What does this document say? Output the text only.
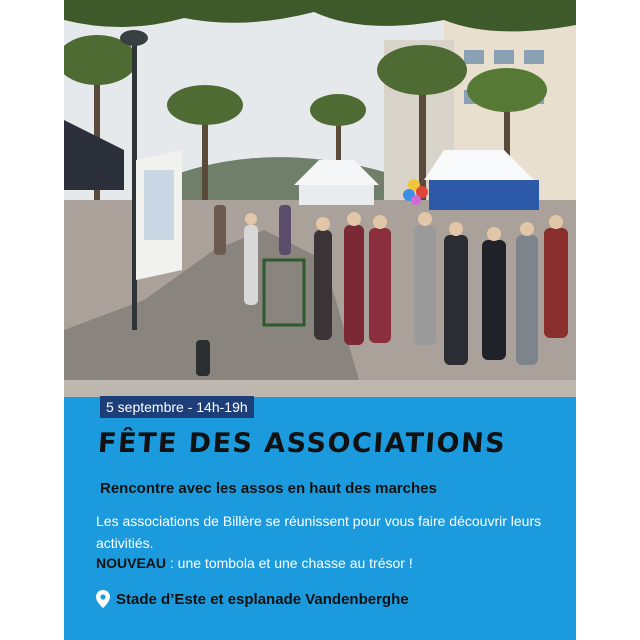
5 septembre - 14h-19h
FÊTE DES ASSOCIATIONS
Rencontre avec les assos en haut des marches
Les associations de Billère se réunissent pour vous faire découvrir leurs activitiés.
NOUVEAU : une tombola et une chasse au trésor !
Stade d’Este et esplanade Vandenberghe
